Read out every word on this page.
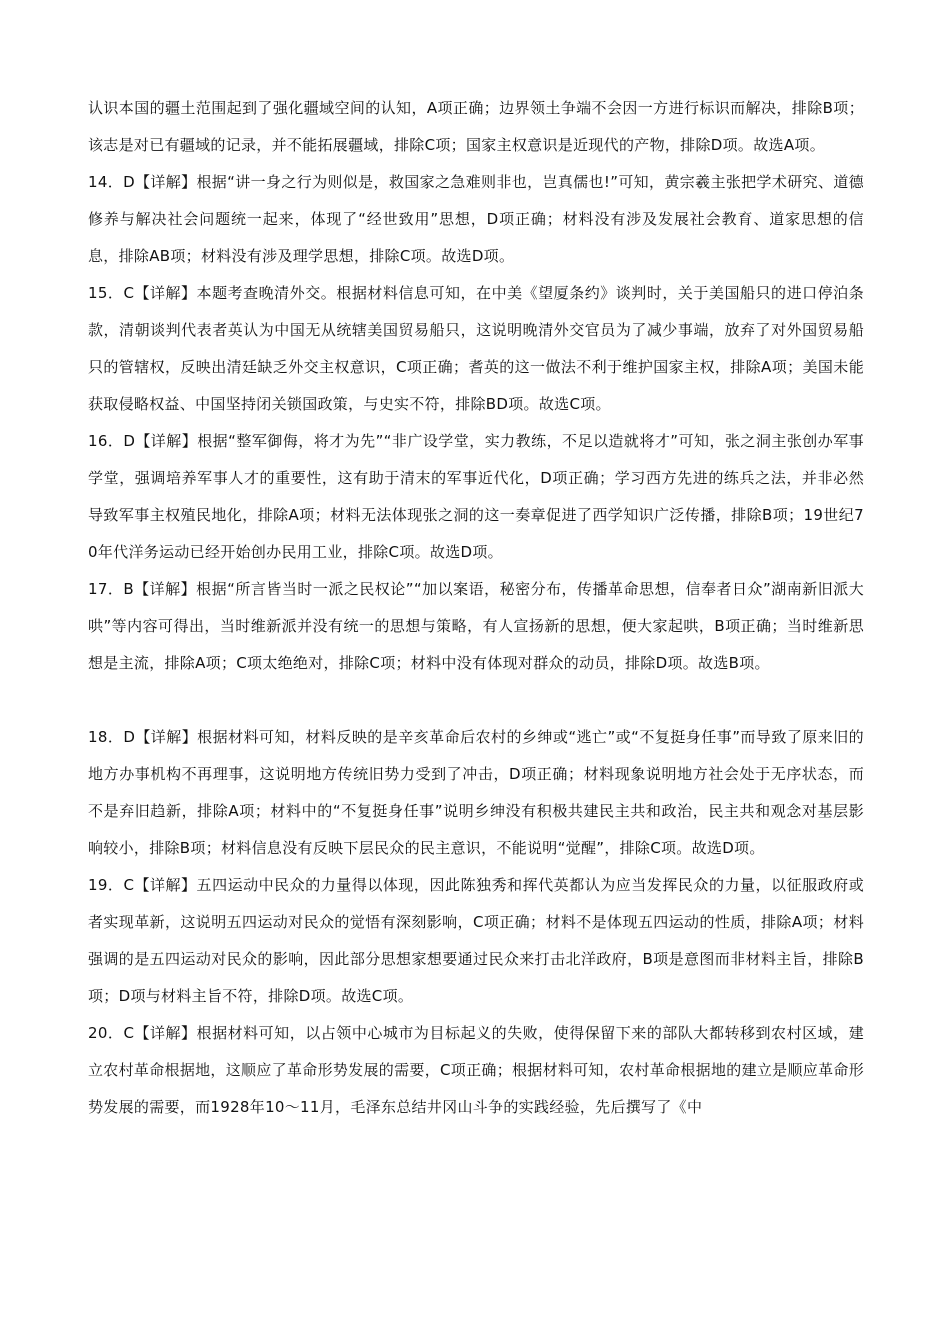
认识本国的疆土范围起到了强化疆域空间的认知，A项正确；边界领土争端不会因一方进行标识而解决，排除B项；该志是对已有疆域的记录，并不能拓展疆域，排除C项；国家主权意识是近现代的产物，排除D项。故选A项。

14．D【详解】根据“讲一身之行为则似是，救国家之急难则非也，岂真儒也!”可知，黄宗羲主张把学术研究、道德修养与解决社会问题统一起来，体现了“经世致用”思想，D项正确；材料没有涉及发展社会教育、道家思想的信息，排除AB项；材料没有涉及理学思想，排除C项。故选D项。

15．C【详解】本题考查晚清外交。根据材料信息可知，在中美《望厦条约》谈判时，关于美国船只的进口停泊条款，清朝谈判代表者英认为中国无从统辖美国贸易船只，这说明晚清外交官员为了减少事端，放弃了对外国贸易船只的管辖权，反映出清廷缺乏外交主权意识，C项正确；耆英的这一做法不利于维护国家主权，排除A项；美国未能获取侵略权益、中国坚持闭关锁国政策，与史实不符，排除BD项。故选C项。

16．D【详解】根据“整军御侮，将才为先”“非广设学堂，实力教练，不足以造就将才”可知，张之洞主张创办军事学堂，强调培养军事人才的重要性，这有助于清末的军事近代化，D项正确；学习西方先进的练兵之法，并非必然导致军事主权殖民地化，排除A项；材料无法体现张之洞的这一奏章促进了西学知识广泛传播，排除B项；19世纪70年代洋务运动已经开始创办民用工业，排除C项。故选D项。

17．B【详解】根据“所言皆当时一派之民权论”“加以案语，秘密分布，传播革命思想，信奉者日众”湖南新旧派大哄”等内容可得出，当时维新派并没有统一的思想与策略，有人宣扬新的思想，便大家起哄，B项正确；当时维新思想是主流，排除A项；C项太绝绝对，排除C项；材料中没有体现对群众的动员，排除D项。故选B项。

18．D【详解】根据材料可知，材料反映的是辛亥革命后农村的乡绅或“逃亡”或“不复挺身任事”而导致了原来旧的地方办事机构不再理事，这说明地方传统旧势力受到了冲击，D项正确；材料现象说明地方社会处于无序状态，而不是弃旧趋新，排除A项；材料中的“不复挺身任事”说明乡绅没有积极共建民主共和政治，民主共和观念对基层影响较小，排除B项；材料信息没有反映下层民众的民主意识，不能说明“觉醒”，排除C项。故选D项。

19．C【详解】五四运动中民众的力量得以体现，因此陈独秀和挥代英都认为应当发挥民众的力量，以征服政府或者实现革新，这说明五四运动对民众的觉悟有深刻影响，C项正确；材料不是体现五四运动的性质，排除A项；材料强调的是五四运动对民众的影响，因此部分思想家想要通过民众来打击北洋政府，B项是意图而非材料主旨，排除B项；D项与材料主旨不符，排除D项。故选C项。

20．C【详解】根据材料可知，以占领中心城市为目标起义的失败，使得保留下来的部队大都转移到农村区域，建立农村革命根据地，这顺应了革命形势发展的需要，C项正确；根据材料可知，农村革命根据地的建立是顺应革命形势发展的需要，而1928年10～11月，毛泽东总结井冈山斗争的实践经验，先后撰写了《中
